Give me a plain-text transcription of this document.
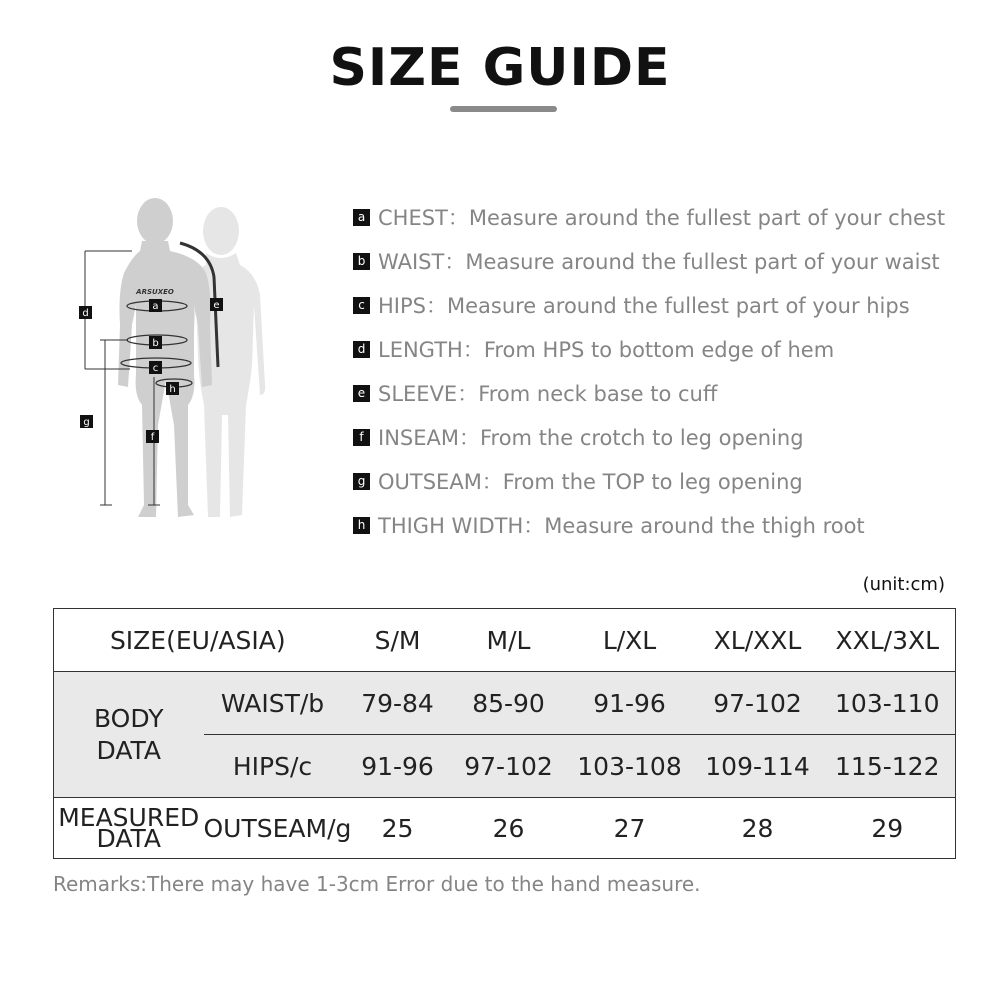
SIZE GUIDE
ARSUXEO
a
b
c
d
e
f
g
h
a CHEST：Measure around the fullest part of your chest
b WAIST：Measure around the fullest part of your waist
c HIPS：Measure around the fullest part of your hips
d LENGTH：From HPS to bottom edge of hem
e SLEEVE：From neck base to cuff
f INSEAM：From the crotch to leg opening
g OUTSEAM：From the TOP to leg opening
h THIGH WIDTH：Measure around the thigh root
(unit:cm)
SIZE(EU/ASIA)		S/M	M/L	L/XL	XL/XXL	XXL/3XL
BODY
DATA	WAIST/b	79-84	85-90	91-96	97-102	103-110
	HIPS/c	91-96	97-102	103-108	109-114	115-122
MEASURED
DATA	OUTSEAM/g	25	26	27	28	29
Remarks:There may have 1-3cm Error due to the hand measure.
